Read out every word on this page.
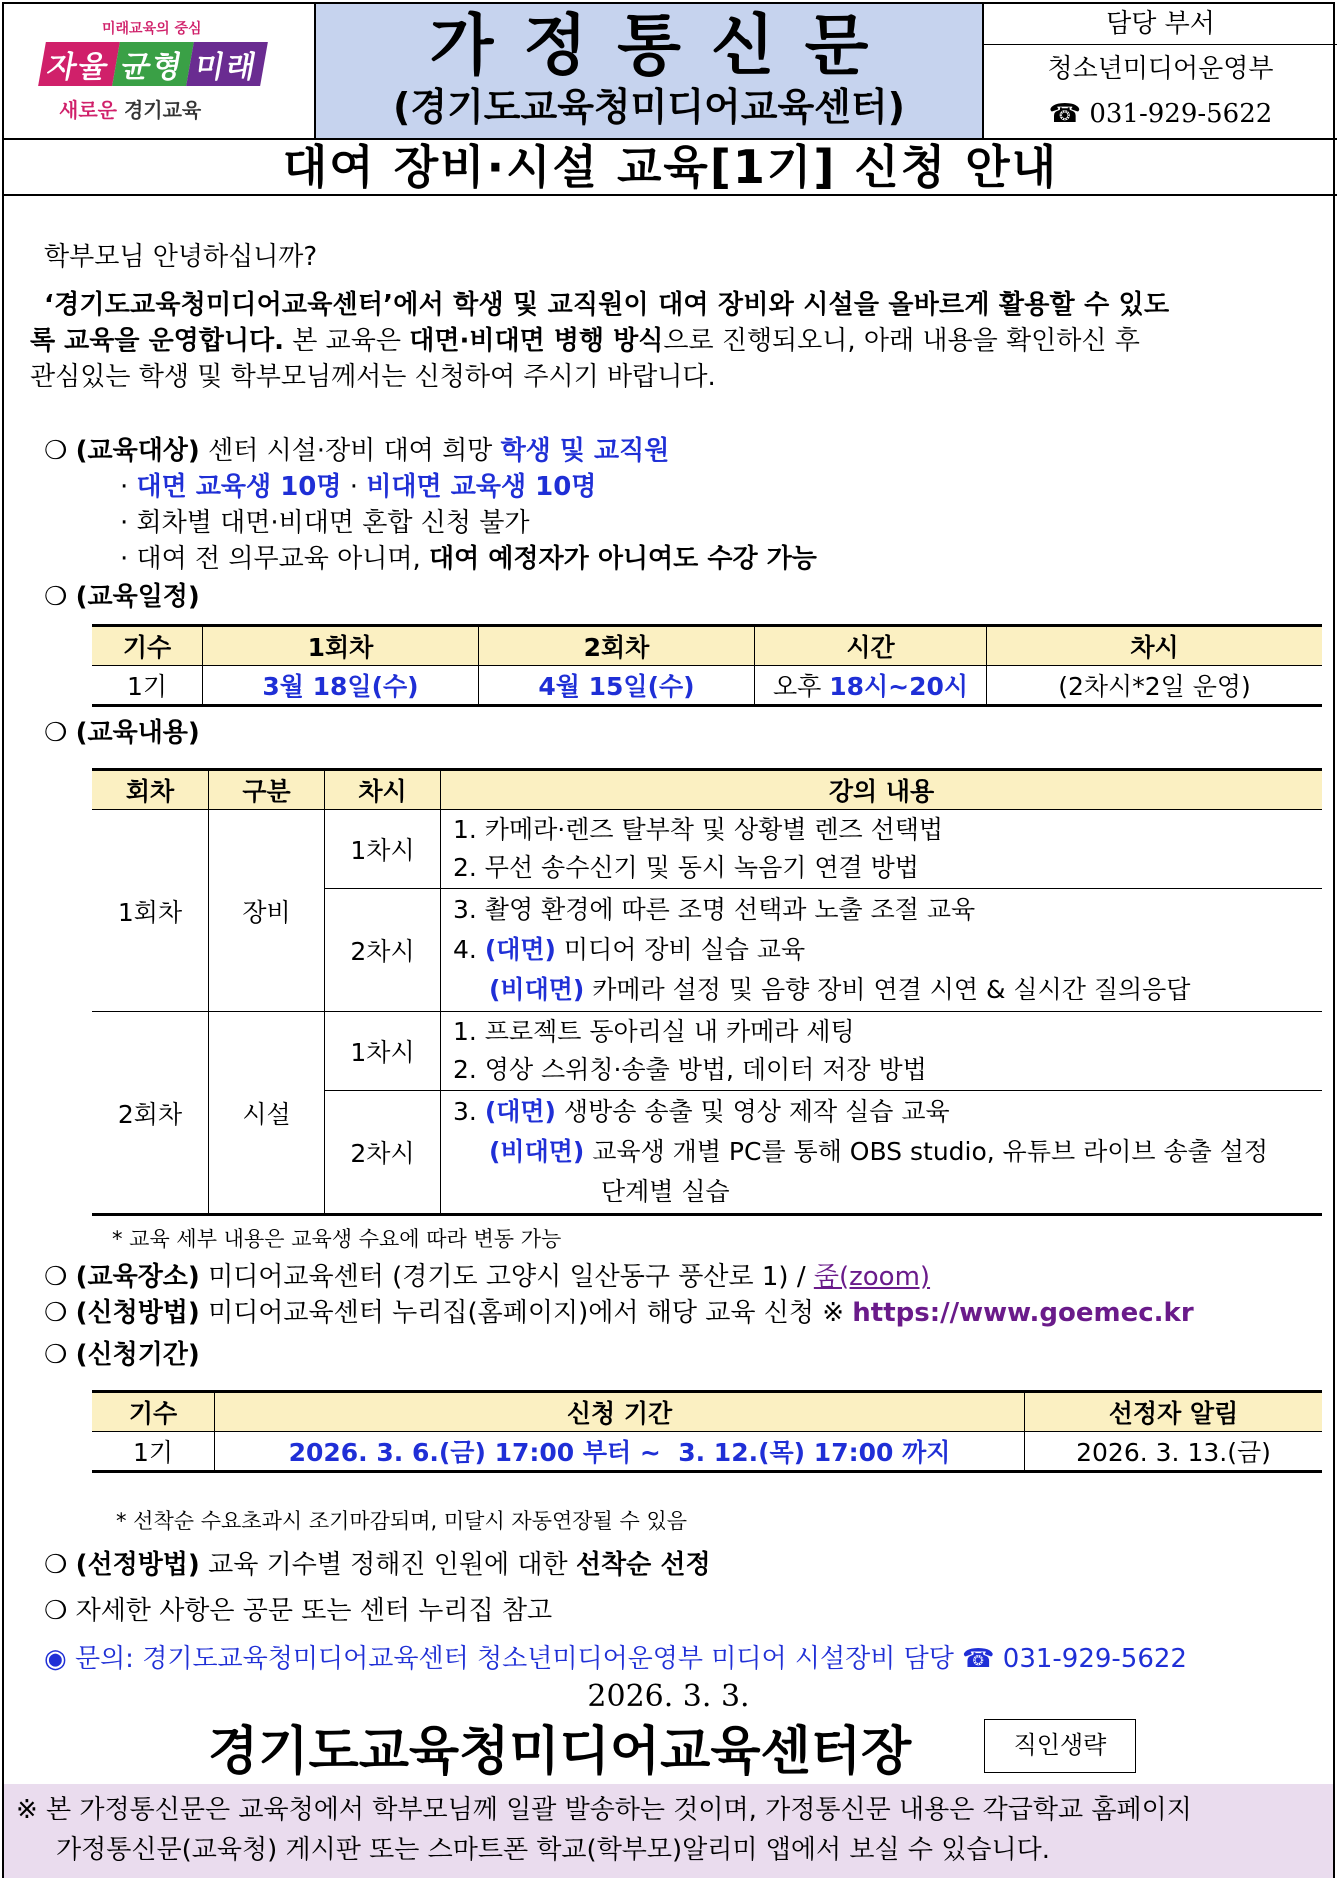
미래교육의 중심
자율 균형 미래
새로운 경기교육
가정통신문
(경기도교육청미디어교육센터)
담당 부서
청소년미디어운영부
☎ 031-929-5622
대여 장비·시설 교육[1기] 신청 안내
학부모님 안녕하십니까?
‘경기도교육청미디어교육센터’에서 학생 및 교직원이 대여 장비와 시설을 올바르게 활용할 수 있도
록 교육을 운영합니다. 본 교육은 대면·비대면 병행 방식으로 진행되오니, 아래 내용을 확인하신 후
관심있는 학생 및 학부모님께서는 신청하여 주시기 바랍니다.
❍ (교육대상) 센터 시설·장비 대여 희망 학생 및 교직원
· 대면 교육생 10명 · 비대면 교육생 10명
· 회차별 대면·비대면 혼합 신청 불가
· 대여 전 의무교육 아니며, 대여 예정자가 아니여도 수강 가능
❍ (교육일정)
기수	1회차	2회차	시간	차시
1기	3월 18일(수)	4월 15일(수)	오후 18시~20시	(2차시*2일 운영)
❍ (교육내용)
회차	구분	차시	강의 내용
1회차	장비	1차시	1. 카메라·렌즈 탈부착 및 상황별 렌즈 선택법
2. 무선 송수신기 및 동시 녹음기 연결 방법

		2차시	3. 촬영 환경에 따른 조명 선택과 노출 조절 교육
4. (대면) 미디어 장비 실습 교육
(비대면) 카메라 설정 및 음향 장비 연결 시연 & 실시간 질의응답

2회차	시설	1차시	1. 프로젝트 동아리실 내 카메라 세팅
2. 영상 스위칭·송출 방법, 데이터 저장 방법

		2차시	3. (대면) 생방송 송출 및 영상 제작 실습 교육
(비대면) 교육생 개별 PC를 통해 OBS studio, 유튜브 라이브 송출 설정
단계별 실습
* 교육 세부 내용은 교육생 수요에 따라 변동 가능
❍ (교육장소) 미디어교육센터 (경기도 고양시 일산동구 풍산로 1) / 줌(zoom)
❍ (신청방법) 미디어교육센터 누리집(홈페이지)에서 해당 교육 신청 ※ https://www.goemec.kr
❍ (신청기간)
기수	신청 기간	선정자 알림
1기	2026. 3. 6.(금) 17:00 부터 ~  3. 12.(목) 17:00 까지	2026. 3. 13.(금)
* 선착순 수요초과시 조기마감되며, 미달시 자동연장될 수 있음
❍ (선정방법) 교육 기수별 정해진 인원에 대한 선착순 선정
❍ 자세한 사항은 공문 또는 센터 누리집 참고
◉ 문의: 경기도교육청미디어교육센터 청소년미디어운영부 미디어 시설장비 담당 ☎ 031-929-5622
2026. 3. 3.
경기도교육청미디어교육센터장	직인생략
※ 본 가정통신문은 교육청에서 학부모님께 일괄 발송하는 것이며, 가정통신문 내용은 각급학교 홈페이지
가정통신문(교육청) 게시판 또는 스마트폰 학교(학부모)알리미 앱에서 보실 수 있습니다.
